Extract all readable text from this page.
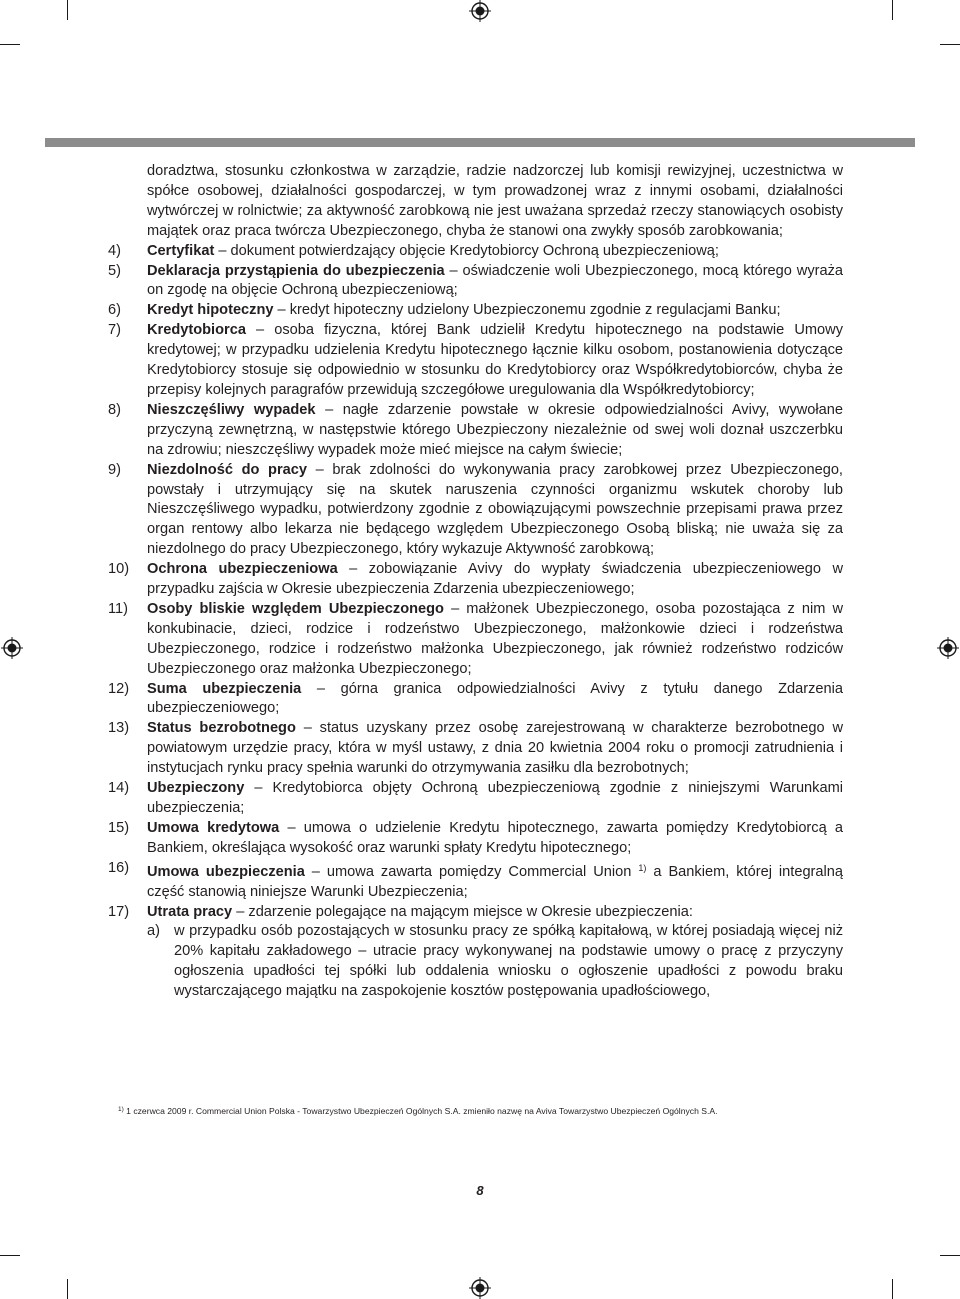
doradztwa, stosunku członkostwa w zarządzie, radzie nadzorczej lub komisji rewizyjnej, uczestnictwa w spółce osobowej, działalności gospodarczej, w tym prowadzonej wraz z innymi osobami, działalności wytwórczej w rolnictwie; za aktywność zarobkową nie jest uważana sprzedaż rzeczy stanowiących osobisty majątek oraz praca twórcza Ubezpieczonego, chyba że stanowi ona zwykły sposób zarobkowania;

4)	Certyfikat – dokument potwierdzający objęcie Kredytobiorcy Ochroną ubezpieczeniową;
5)	Deklaracja przystąpienia do ubezpieczenia – oświadczenie woli Ubezpieczonego, mocą którego wyraża on zgodę na objęcie Ochroną ubezpieczeniową;
6)	Kredyt hipoteczny – kredyt hipoteczny udzielony Ubezpieczonemu zgodnie z regulacjami Banku;
7)	Kredytobiorca – osoba fizyczna, której Bank udzielił Kredytu hipotecznego na podstawie Umowy kredytowej; w przypadku udzielenia Kredytu hipotecznego łącznie kilku osobom, postanowienia dotyczące Kredytobiorcy stosuje się odpowiednio w stosunku do Kredytobiorcy oraz Współkredytobiorców, chyba że przepisy kolejnych paragrafów przewidują szczegółowe uregulowania dla Współkredytobiorcy;
8)	Nieszczęśliwy wypadek – nagłe zdarzenie powstałe w okresie odpowiedzialności Avivy, wywołane przyczyną zewnętrzną, w następstwie którego Ubezpieczony niezależnie od swej woli doznał uszczerbku na zdrowiu; nieszczęśliwy wypadek może mieć miejsce na całym świecie;
9)	Niezdolność do pracy – brak zdolności do wykonywania pracy zarobkowej przez Ubezpieczonego, powstały i utrzymujący się na skutek naruszenia czynności organizmu wskutek choroby lub Nieszczęśliwego wypadku, potwierdzony zgodnie z obowiązującymi powszechnie przepisami prawa przez organ rentowy albo lekarza nie będącego względem Ubezpieczonego Osobą bliską; nie uważa się za niezdolnego do pracy Ubezpieczonego, który wykazuje Aktywność zarobkową;
10)	Ochrona ubezpieczeniowa – zobowiązanie Avivy do wypłaty świadczenia ubezpieczeniowego w przypadku zajścia w Okresie ubezpieczenia Zdarzenia ubezpieczeniowego;
11)	Osoby bliskie względem Ubezpieczonego – małżonek Ubezpieczonego, osoba pozostająca z nim w konkubinacie, dzieci, rodzice i rodzeństwo Ubezpieczonego, małżonkowie dzieci i rodzeństwa Ubezpieczonego, rodzice i rodzeństwo małżonka Ubezpieczonego, jak również rodzeństwo rodziców Ubezpieczonego oraz małżonka Ubezpieczonego;
12)	Suma ubezpieczenia – górna granica odpowiedzialności Avivy z tytułu danego Zdarzenia ubezpieczeniowego;
13)	Status bezrobotnego – status uzyskany przez osobę zarejestrowaną w charakterze bezrobotnego w powiatowym urzędzie pracy, która w myśl ustawy, z dnia 20 kwietnia 2004 roku o promocji zatrudnienia i instytucjach rynku pracy spełnia warunki do otrzymywania zasiłku dla bezrobotnych;
14)	Ubezpieczony – Kredytobiorca objęty Ochroną ubezpieczeniową zgodnie z niniejszymi Warunkami ubezpieczenia;
15)	Umowa kredytowa – umowa o udzielenie Kredytu hipotecznego, zawarta pomiędzy Kredytobiorcą a Bankiem, określająca wysokość oraz warunki spłaty Kredytu hipotecznego;
16)	Umowa ubezpieczenia – umowa zawarta pomiędzy Commercial Union $^{1)}$ a Bankiem, której integralną część stanowią niniejsze Warunki Ubezpieczenia;
17)	Utrata pracy – zdarzenie polegające na mającym miejsce w Okresie ubezpieczenia:
a) w przypadku osób pozostających w stosunku pracy ze spółką kapitałową, w której posiadają więcej niż 20% kapitału zakładowego – utracie pracy wykonywanej na podstawie umowy o pracę z przyczyny ogłoszenia upadłości tej spółki lub oddalenia wniosku o ogłoszenie upadłości z powodu braku wystarczającego majątku na zaspokojenie kosztów postępowania upadłościowego,
$^{1)}$ 1 czerwca 2009 r. Commercial Union Polska - Towarzystwo Ubezpieczeń Ogólnych S.A. zmieniło nazwę na Aviva Towarzystwo Ubezpieczeń Ogólnych S.A.
8
